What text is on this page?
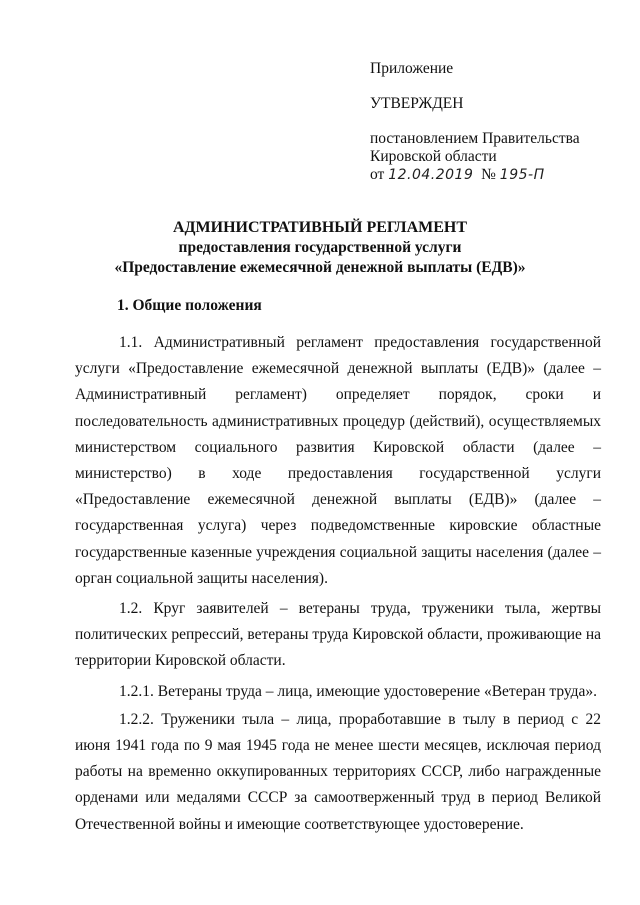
Приложение
УТВЕРЖДЕН
постановлением Правительства
Кировской области
от 12.04.2019 № 195-П
АДМИНИСТРАТИВНЫЙ РЕГЛАМЕНТ
предоставления государственной услуги
«Предоставление ежемесячной денежной выплаты (ЕДВ)»
1. Общие положения

1.1. Административный регламент предоставления государственной услуги «Предоставление ежемесячной денежной выплаты (ЕДВ)» (далее – Административный регламент) определяет порядок, сроки и последовательность административных процедур (действий), осуществляемых министерством социального развития Кировской области (далее – министерство) в ходе предоставления государственной услуги «Предоставление ежемесячной денежной выплаты (ЕДВ)» (далее – государственная услуга) через подведомственные кировские областные государственные казенные учреждения социальной защиты населения (далее – орган социальной защиты населения).

1.2. Круг заявителей – ветераны труда, труженики тыла, жертвы политических репрессий, ветераны труда Кировской области, проживающие на территории Кировской области.

1.2.1. Ветераны труда – лица, имеющие удостоверение «Ветеран труда».

1.2.2. Труженики тыла – лица, проработавшие в тылу в период с 22 июня 1941 года по 9 мая 1945 года не менее шести месяцев, исключая период работы на временно оккупированных территориях СССР, либо награжденные орденами или медалями СССР за самоотверженный труд в период Великой Отечественной войны и имеющие соответствующее удостоверение.
